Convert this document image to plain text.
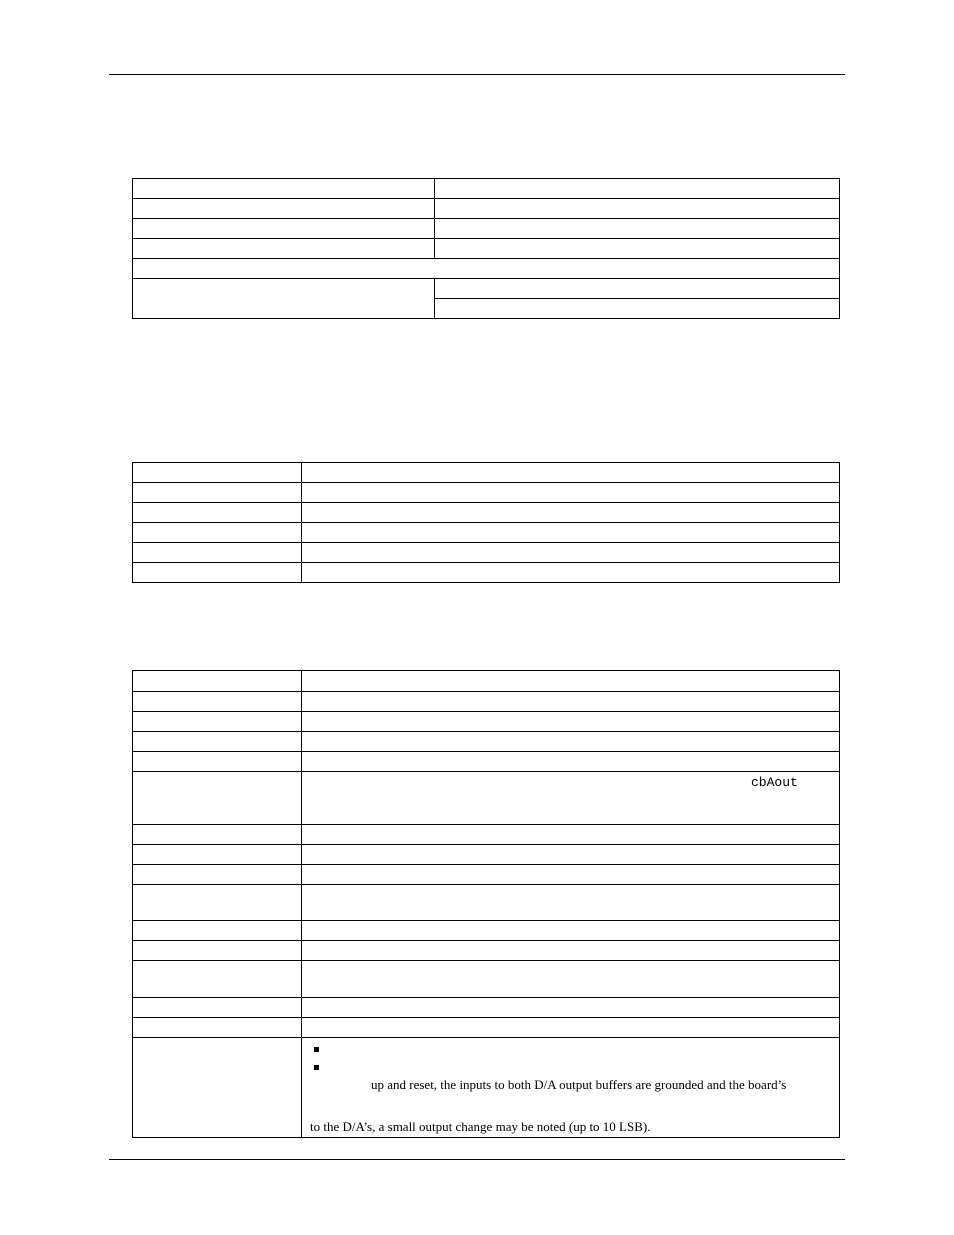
	cbAout

	up and reset, the inputs to both D/A output buffers are grounded and the board’s
to the D/A’s, a small output change may be noted (up to 10 LSB).
